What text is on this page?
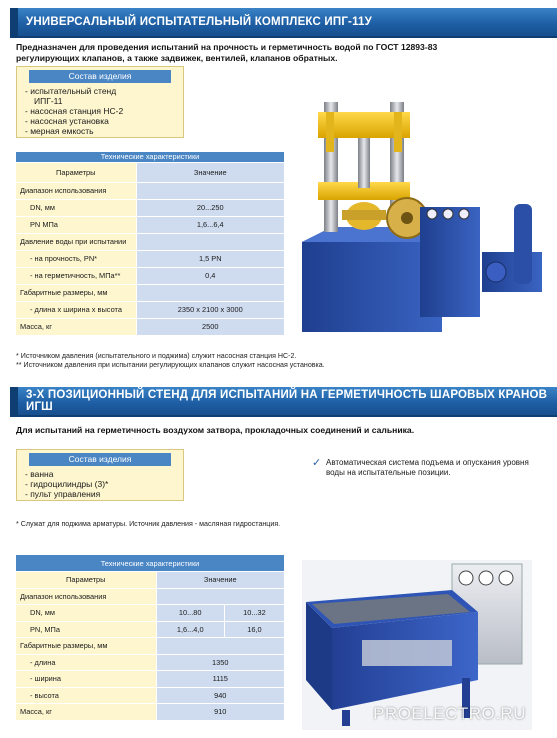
УНИВЕРСАЛЬНЫЙ ИСПЫТАТЕЛЬНЫЙ КОМПЛЕКС ИПГ-11У
Предназначен для проведения испытаний на прочность и герметичность водой по ГОСТ 12893-83 регулирующих клапанов, а также задвижек, вентилей, клапанов обратных.
Состав изделия
- испытательный стенд
ИПГ-11
- насосная станция НС-2
- насосная установка
- мерная емкость
Технические характеристики	
Параметры	Значение
Диапазон использования	
DN, мм	20...250
PN МПа	1,6...6,4
Давление воды при испытании	
- на прочность, PN*	1,5 PN
- на герметичность, МПа**	0,4
Габаритные размеры, мм	
- длина х ширина х высота	2350 х 2100 х 3000
Масса, кг	2500
* Источником давления (испытательного и поджима) служит насосная станция НС-2.
** Источником давления при испытании регулирующих клапанов служит насосная установка.
3-Х ПОЗИЦИОННЫЙ СТЕНД ДЛЯ ИСПЫТАНИЙ НА ГЕРМЕТИЧНОСТЬ ШАРОВЫХ КРАНОВ ИГШ
Для испытаний на герметичность воздухом затвора, прокладочных соединений и сальника.
Состав изделия
- ванна
- гидроцилиндры (3)*
- пульт управления
✓ Автоматическая система подъема и опускания уровня воды на испытательные позиции.
* Служат для поджима арматуры. Источник давления - масляная гидростанция.
Технические характеристики		
Параметры	Значение	
Диапазон использования		
DN, мм	10...80	10...32
PN, МПа	1,6...4,0	16,0
Габаритные размеры, мм		
- длина	1350	
- ширина	1115	
- высота	940	
Масса, кг	910		PROELECTRO.RU
